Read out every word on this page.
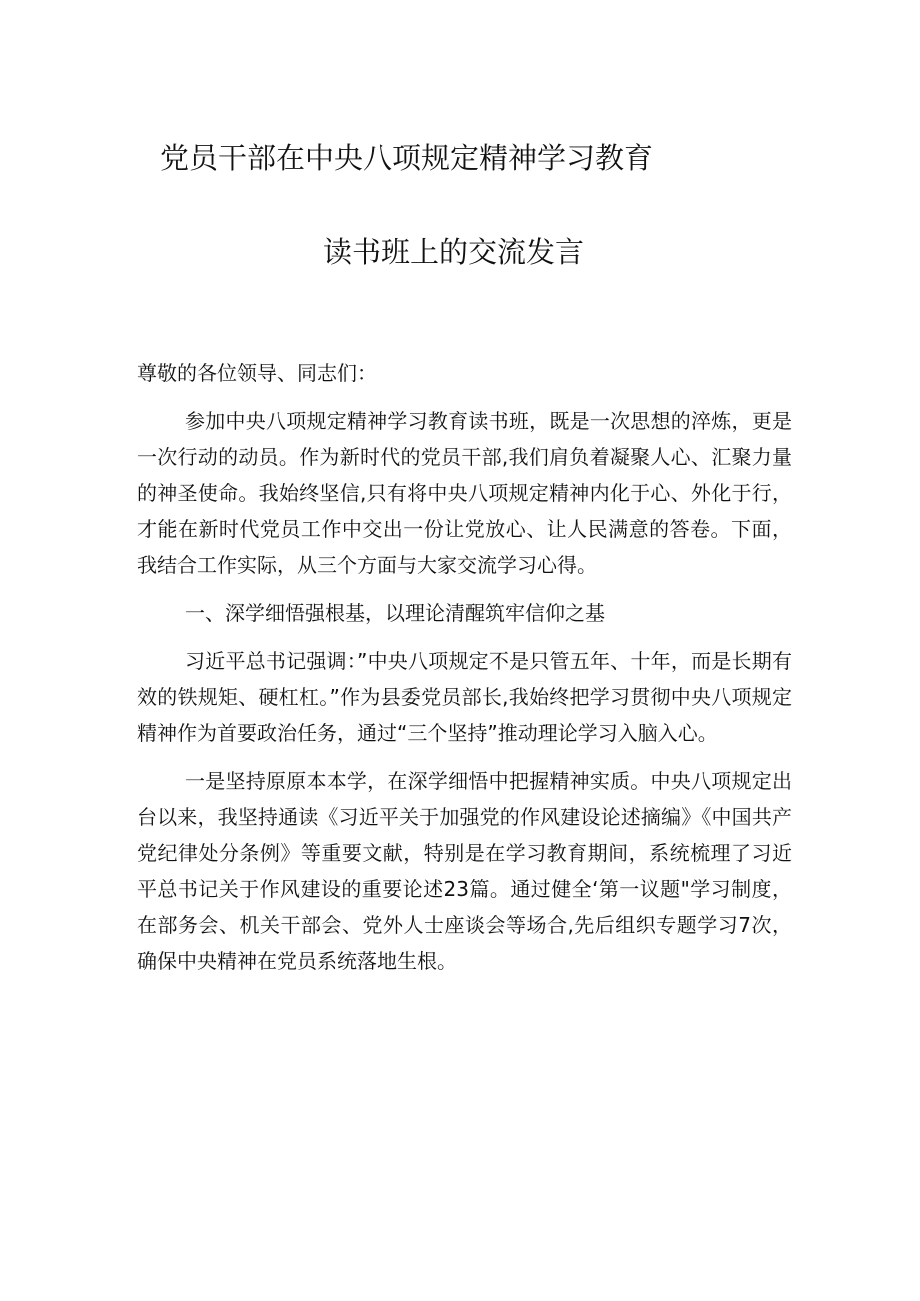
党员干部在中央八项规定精神学习教育
读书班上的交流发言

尊敬的各位领导、同志们：

参加中央八项规定精神学习教育读书班，既是一次思想的淬炼，更是一次行动的动员。作为新时代的党员干部,我们肩负着凝聚人心、汇聚力量的神圣使命。我始终坚信,只有将中央八项规定精神内化于心、外化于行，才能在新时代党员工作中交出一份让党放心、让人民满意的答卷。下面，我结合工作实际，从三个方面与大家交流学习心得。

一、深学细悟强根基，以理论清醒筑牢信仰之基

习近平总书记强调：”中央八项规定不是只管五年、十年，而是长期有效的铁规矩、硬杠杠。”作为县委党员部长,我始终把学习贯彻中央八项规定精神作为首要政治任务，通过“三个坚持”推动理论学习入脑入心。

一是坚持原原本本学，在深学细悟中把握精神实质。中央八项规定出台以来，我坚持通读《习近平关于加强党的作风建设论述摘编》《中国共产党纪律处分条例》等重要文献，特别是在学习教育期间，系统梳理了习近平总书记关于作风建设的重要论述23篇。通过健全‘第一议题"学习制度，在部务会、机关干部会、党外人士座谈会等场合,先后组织专题学习7次，确保中央精神在党员系统落地生根。
